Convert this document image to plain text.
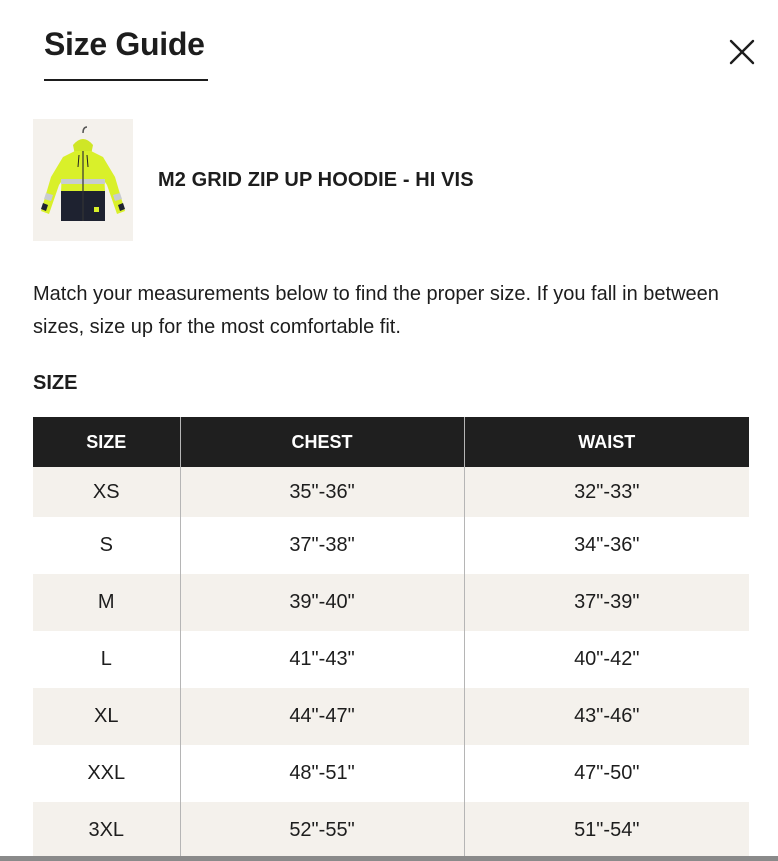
Size Guide
M2 GRID ZIP UP HOODIE - HI VIS
Match your measurements below to find the proper size. If you fall in between sizes, size up for the most comfortable fit.
SIZE
SIZE	CHEST	WAIST
XS	35"-36"	32"-33"
S	37"-38"	34"-36"
M	39"-40"	37"-39"
L	41"-43"	40"-42"
XL	44"-47"	43"-46"
XXL	48"-51"	47"-50"
3XL	52"-55"	51"-54"
